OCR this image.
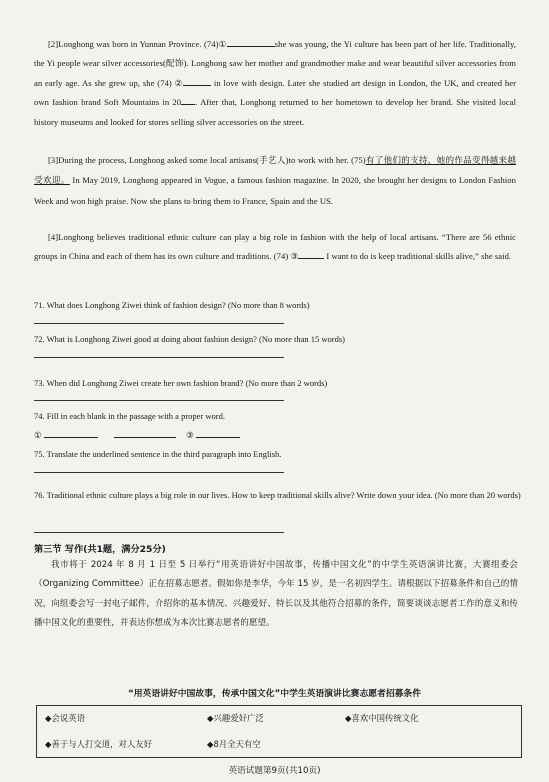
[2]Longhong was born in Yunnan Province. (74)①	she was young, the Yi culture has been part of her life. Traditionally, the Yi people wear silver accessories(配饰). Longhong saw her mother and grandmother make and wear beautiful silver accessories from an early age. As she grew up, she (74) ②	in love with design. Later she studied art design in London, the UK, and created her own fashion brand Soft Mountains in 20 . After that, Longhong returned to her hometown to develop her brand. She visited local history museums and looked for stores selling silver accessories on the street.
[3]During the process, Longhong asked some local artisans(手艺人)to work with her. (75)有了他们的支持，她的作品变得越来越受欢迎。 In May 2019, Longhong appeared in Vogue, a famous fashion magazine. In 2020, she brought her designs to London Fashion Week and won high praise. Now she plans to bring them to France, Spain and the US.
[4]Longhong believes traditional ethnic culture can play a big role in fashion with the help of local artisans. “There are 56 ethnic groups in China and each of them has its own culture and traditions. (74) ③	I want to do is keep traditional skills alive,” she said.
71. What does Longhong Ziwei think of fashion design? (No more than 8 words)
72. What is Longhong Ziwei good at doing about fashion design? (No more than 15 words)
73. When did Longhong Ziwei create her own fashion brand? (No more than 2 words)
74. Fill in each blank in the passage with a proper word.
①	③
75. Translate the underlined sentence in the third paragraph into English.
76. Traditional ethnic culture plays a big role in our lives. How to keep traditional skills alive? Write down your idea. (No more than 20 words)
第三节 写作(共1题，满分25分)
我市将于 2024 年 8 月 1 日至 5 日举行“用英语讲好中国故事，传播中国文化”的中学生英语演讲比赛，大赛组委会（Organizing Committee）正在招募志愿者。假如你是李华，今年 15 岁，是一名初四学生。请根据以下招募条件和自己的情况，向组委会写一封电子邮件，介绍你的基本情况、兴趣爱好、特长以及其他符合招募的条件，简要谈谈志愿者工作的意义和传播中国文化的重要性，并表达你想成为本次比赛志愿者的愿望。
“用英语讲好中国故事，传承中国文化”中学生英语演讲比赛志愿者招募条件
◆会说英语	◆兴趣爱好广泛	◆喜欢中国传统文化
◆善于与人打交道，对人友好	◆8月全天有空
英语试题第9页(共10页)
